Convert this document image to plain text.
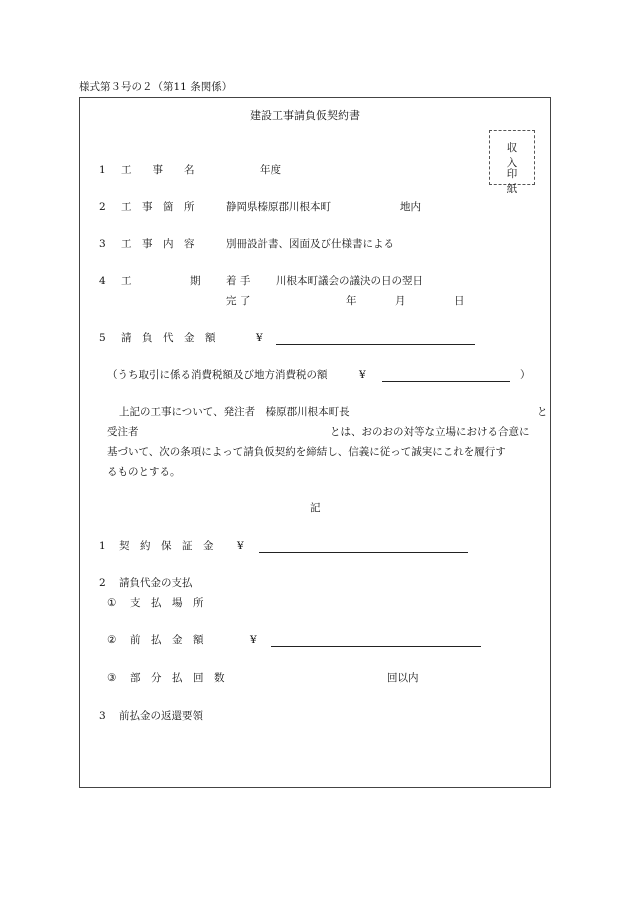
様式第３号の２（第11 条関係）
建設工事請負仮契約書
収入
印紙
1 工　　事　　名	年度
2 工　事　箇　所	静岡県榛原郡川根本町	地内
3 工　事　内　容	別冊設計書、図面及び仕様書による
4 工	期 着 手 川根本町議会の議決の日の翌日
完 了	年	月	日
5 請　負　代　金　額	¥
（うち取引に係る消費税額及び地方消費税の額	¥	）
上記の工事について、発注者　榛原郡川根本町長	と
受注者	とは、おのおの対等な立場における合意に
基づいて、次の条項によって請負仮契約を締結し、信義に従って誠実にこれを履行す
るものとする。
記
1 契　約　保　証　金 ¥
2 請負代金の支払
① 支　払　場　所
② 前　払　金　額	¥
③ 部　分　払　回　数	回以内
3 前払金の返還要領
